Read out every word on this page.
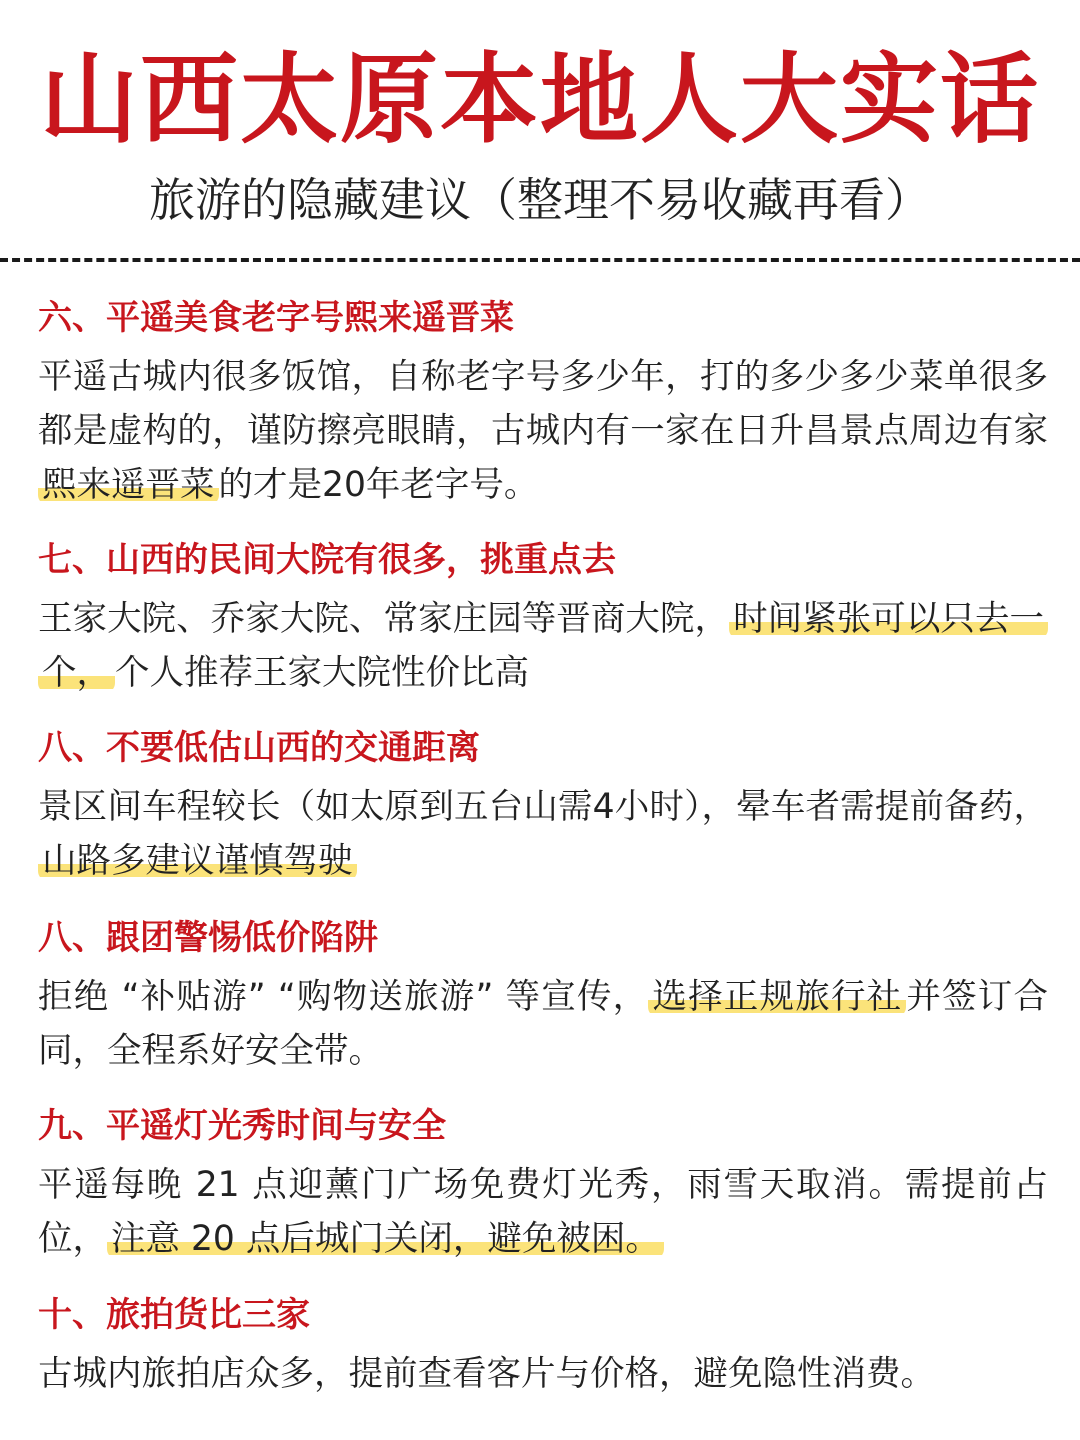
山西太原本地人大实话
旅游的隐藏建议（整理不易收藏再看）
六、平遥美食老字号熙来遥晋菜
平遥古城内很多饭馆，自称老字号多少年，打的多少多少菜单很多都是虚构的，谨防擦亮眼睛，古城内有一家在日升昌景点周边有家熙来遥晋菜 的才是20年老字号。
七、山西的民间大院有很多，挑重点去
王家大院、乔家大院、常家庄园等晋商大院， 时间紧张可以只去一个， 个人推荐王家大院性价比高
八、不要低估山西的交通距离
景区间车程较长（如太原到五台山需4小时），晕车者需提前备药，山路多建议谨慎驾驶
八、跟团警惕低价陷阱
拒绝 “补贴游” “购物送旅游” 等宣传， 选择正规旅行社 并签订合同，全程系好安全带。
九、平遥灯光秀时间与安全
平遥每晚 21 点迎薰门广场免费灯光秀，雨雪天取消。需提前占位， 注意 20 点后城门关闭，避免被困。
十、旅拍货比三家
古城内旅拍店众多，提前查看客片与价格，避免隐性消费。
